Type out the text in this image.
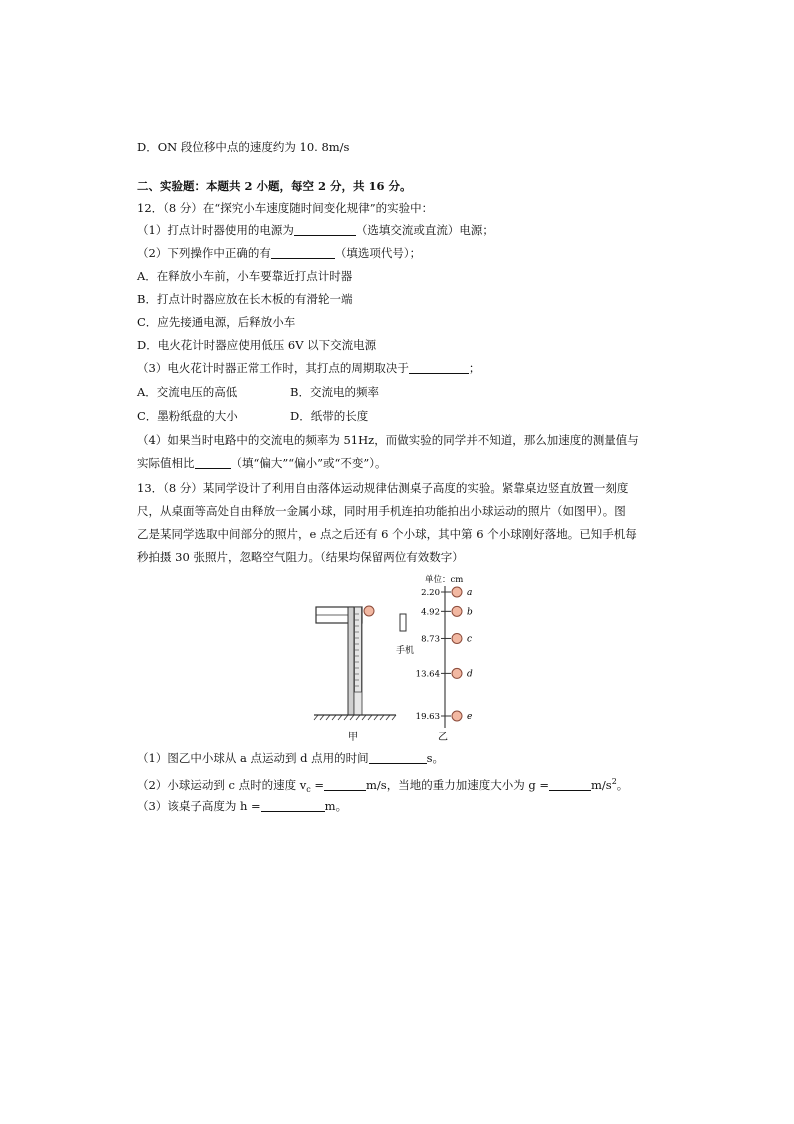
D．ON 段位移中点的速度约为 10. 8m/s
二、实验题：本题共 2 小题，每空 2 分，共 16 分。
12．（8 分）在“探究小车速度随时间变化规律”的实验中：
（1）打点计时器使用的电源为	（选填交流或直流）电源；
（2）下列操作中正确的有	（填选项代号）；
A．在释放小车前，小车要靠近打点计时器
B．打点计时器应放在长木板的有滑轮一端
C．应先接通电源，后释放小车
D．电火花计时器应使用低压 6V 以下交流电源
（3）电火花计时器正常工作时，其打点的周期取决于	；
A．交流电压的高低	B．交流电的频率
C．墨粉纸盘的大小	D．纸带的长度
（4）如果当时电路中的交流电的频率为 51Hz，而做实验的同学并不知道，那么加速度的测量值与
实际值相比	（填“偏大”“偏小”或“不变”）。
13．（8 分）某同学设计了利用自由落体运动规律估测桌子高度的实验。紧靠桌边竖直放置一刻度
尺，从桌面等高处自由释放一金属小球，同时用手机连拍功能拍出小球运动的照片（如图甲）。图
乙是某同学选取中间部分的照片，e 点之后还有 6 个小球，其中第 6 个小球刚好落地。已知手机每
秒拍摄 30 张照片，忽略空气阻力。（结果均保留两位有效数字）
手机
甲
单位：cm
2.20	a
4.92	b
8.73	c
13.64	d
19.63	e
乙
（1）图乙中小球从 a 点运动到 d 点用的时间	s。
（2）小球运动到 c 点时的速度 $v_c$ =	m/s，当地的重力加速度大小为 g =	$m/s^2$。
（3）该桌子高度为 h =	m。
